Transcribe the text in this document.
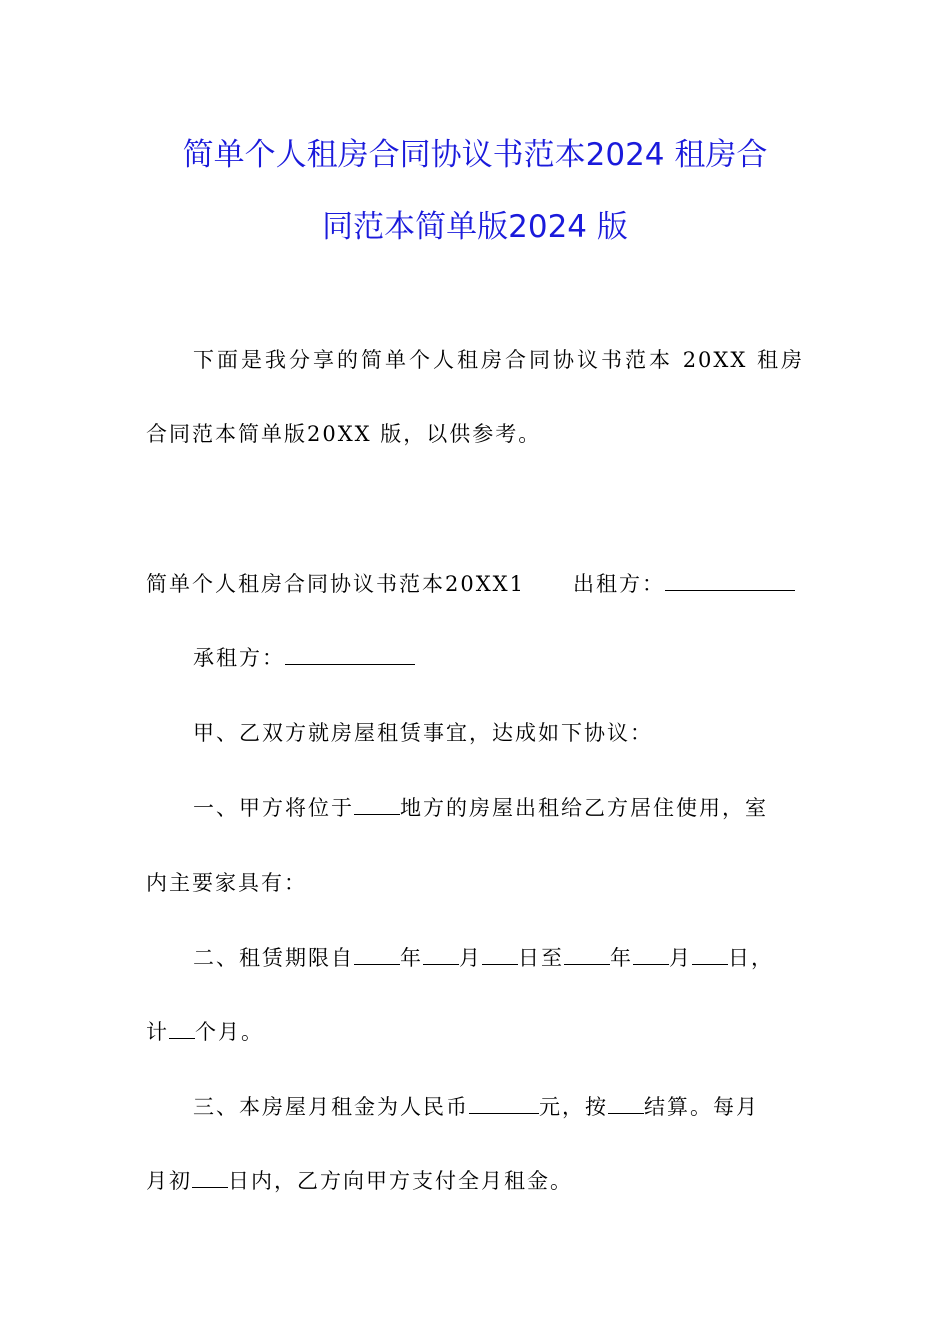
简单个人租房合同协议书范本2024 租房合
同范本简单版2024 版
下面是我分享的简单个人租房合同协议书范本 20XX 租房
合同范本简单版20XX 版，以供参考。
简单个人租房合同协议书范本20XX1 出租方：
承租方：
甲、乙双方就房屋租赁事宜，达成如下协议：
一、甲方将位于 地方的房屋出租给乙方居住使用，室
内主要家具有：
二、租赁期限自 年 月 日至 年 月 日，
计 个月。
三、本房屋月租金为人民币	元，按 结算。每月
月初 日内，乙方向甲方支付全月租金。
